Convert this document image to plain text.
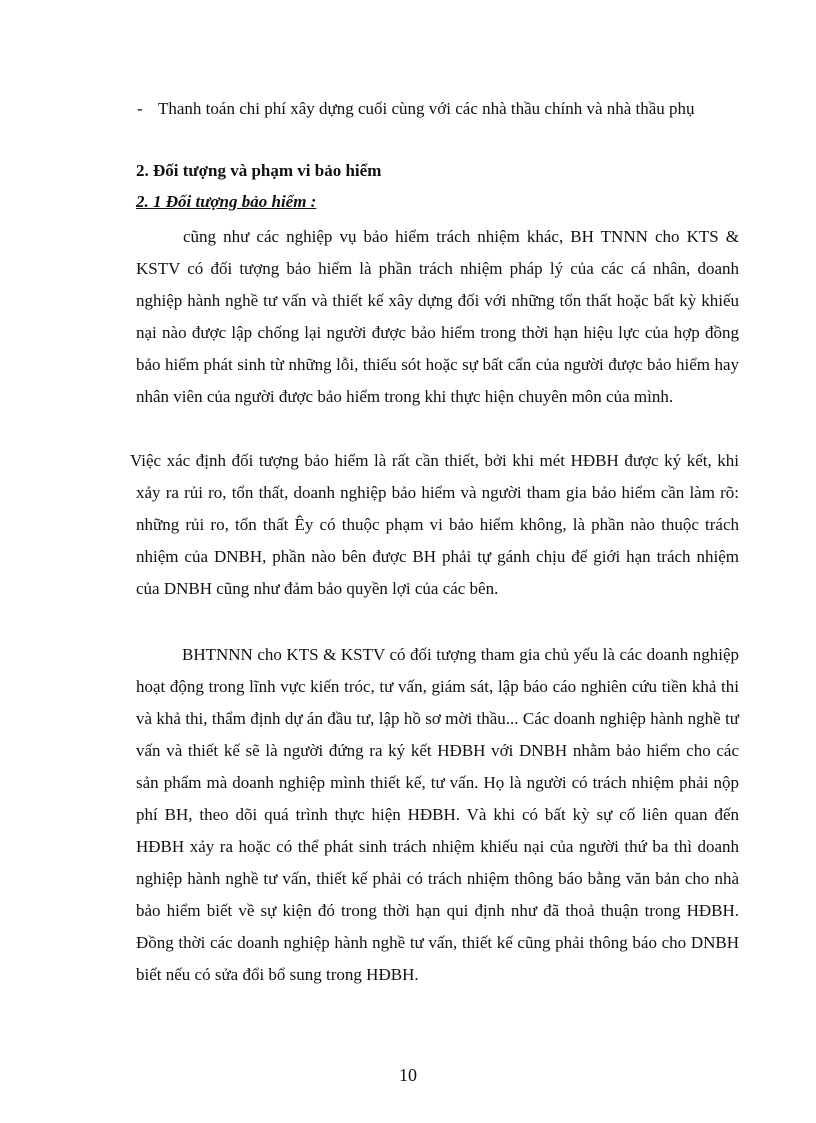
- Thanh toán chi phí xây dựng cuối cùng với các nhà thầu chính và nhà thầu phụ
2. Đối tượng và phạm vi bảo hiểm
2. 1 Đối tượng bảo hiểm :
cũng như các nghiệp vụ bảo hiểm trách nhiệm khác, BH TNNN cho KTS & KSTV có đối tượng bảo hiểm là phần trách nhiệm pháp lý của các cá nhân, doanh nghiệp hành nghề tư vấn và thiết kế xây dựng đối với những tổn thất hoặc bất kỳ khiếu nại nào được lập chống lại người được bảo hiểm trong thời hạn hiệu lực của hợp đồng bảo hiểm phát sinh từ những lỗi, thiếu sót hoặc sự bất cẩn của người được bảo hiểm hay nhân viên của người được bảo hiểm trong khi thực hiện chuyên môn của mình.
Việc xác định đối tượng bảo hiểm là rất cần thiết, bởi khi mét HĐBH được ký kết, khi xảy ra rủi ro, tổn thất, doanh nghiệp bảo hiểm và người tham gia bảo hiểm cần làm rõ: những rủi ro, tổn thất Êy có thuộc phạm vi bảo hiểm không, là phần nào thuộc trách nhiệm của DNBH, phần nào bên được BH phải tự gánh chịu để giới hạn trách nhiệm của DNBH cũng như đảm bảo quyền lợi của các bên.
BHTNNN cho KTS & KSTV có đối tượng tham gia chủ yếu là các doanh nghiệp hoạt động trong lĩnh vực kiến tróc, tư vấn, giám sát, lập báo cáo nghiên cứu tiền khả thi và khả thi, thẩm định dự án đầu tư, lập hồ sơ mời thầu... Các doanh nghiệp hành nghề tư vấn và thiết kế sẽ là người đứng ra ký kết HĐBH với DNBH nhằm bảo hiểm cho các sản phẩm mà doanh nghiệp mình thiết kế, tư vấn. Họ là người có trách nhiệm phải nộp phí BH, theo dõi quá trình thực hiện HĐBH. Và khi có bất kỳ sự cố liên quan đến HĐBH xảy ra hoặc có thể phát sinh trách nhiệm khiếu nại của người thứ ba thì doanh nghiệp hành nghề tư vấn, thiết kế phải có trách nhiệm thông báo bằng văn bản cho nhà bảo hiểm biết về sự kiện đó trong thời hạn qui định như đã thoả thuận trong HĐBH. Đồng thời các doanh nghiệp hành nghề tư vấn, thiết kế cũng phải thông báo cho DNBH biết nếu có sửa đổi bổ sung trong HĐBH.
10
